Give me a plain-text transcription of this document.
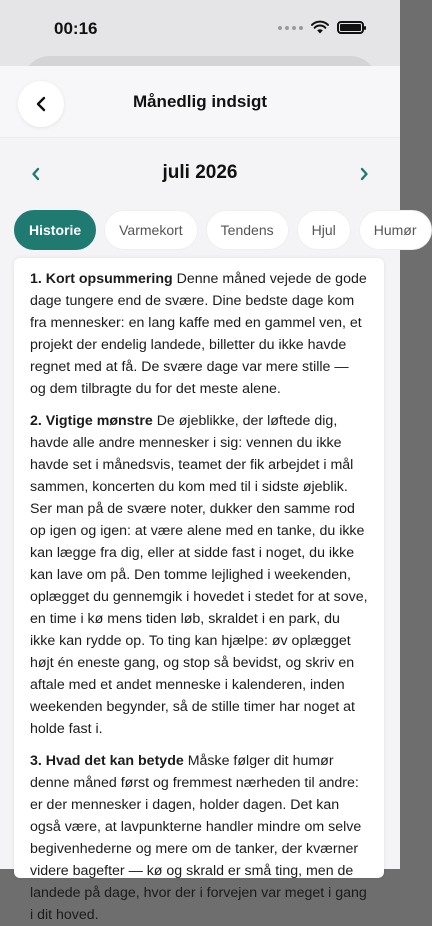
00:16
Månedlig indsigt
juli 2026
Historie	Varmekort	Tendens	Hjul	Humør

1. Kort opsummering Denne måned vejede de gode dage tungere end de svære. Dine bedste dage kom fra mennesker: en lang kaffe med en gammel ven, et projekt der endelig landede, billetter du ikke havde regnet med at få. De svære dage var mere stille — og dem tilbragte du for det meste alene.

2. Vigtige mønstre De øjeblikke, der løftede dig, havde alle andre mennesker i sig: vennen du ikke havde set i månedsvis, teamet der fik arbejdet i mål sammen, koncerten du kom med til i sidste øjeblik. Ser man på de svære noter, dukker den samme rod op igen og igen: at være alene med en tanke, du ikke kan lægge fra dig, eller at sidde fast i noget, du ikke kan lave om på. Den tomme lejlighed i weekenden, oplægget du gennemgik i hovedet i stedet for at sove, en time i kø mens tiden løb, skraldet i en park, du ikke kan rydde op. To ting kan hjælpe: øv oplægget højt én eneste gang, og stop så bevidst, og skriv en aftale med et andet menneske i kalenderen, inden weekenden begynder, så de stille timer har noget at holde fast i.

3. Hvad det kan betyde Måske følger dit humør denne måned først og fremmest nærheden til andre: er der mennesker i dagen, holder dagen. Det kan også være, at lavpunkterne handler mindre om selve begivenhederne og mere om de tanker, der kværner videre bagefter — kø og skrald er små ting, men de landede på dage, hvor der i forvejen var meget i gang i dit hoved.
